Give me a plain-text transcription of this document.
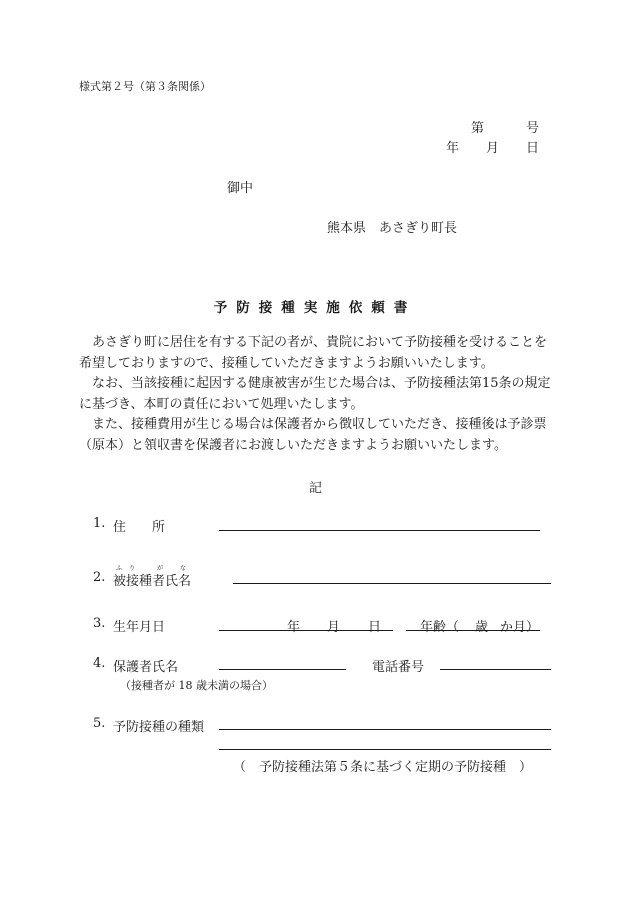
様式第２号（第３条関係）
第	号
年 月 日
御中
熊本県　あさぎり町長
予防接種実施依頼書
あさぎり町に居住を有する下記の者が、貴院において予防接種を受けることを希望しておりますので、接種していただきますようお願いいたします。
なお、当該接種に起因する健康被害が生じた場合は、予防接種法第15条の規定に基づき、本町の責任において処理いたします。
また、接種費用が生じる場合は保護者から徴収していただき、接種後は予診票（原本）と領収書を保護者にお渡しいただきますようお願いいたします。
記
1. 住　　所
2. 被接種者氏名
ふ り	が	な
3. 生年月日	年 月 日	年齢（ 歳 か月）
4. 保護者氏名	電話番号
（接種者が 18 歳未満の場合）
5. 予防接種の種類
（　予防接種法第５条に基づく定期の予防接種　）
